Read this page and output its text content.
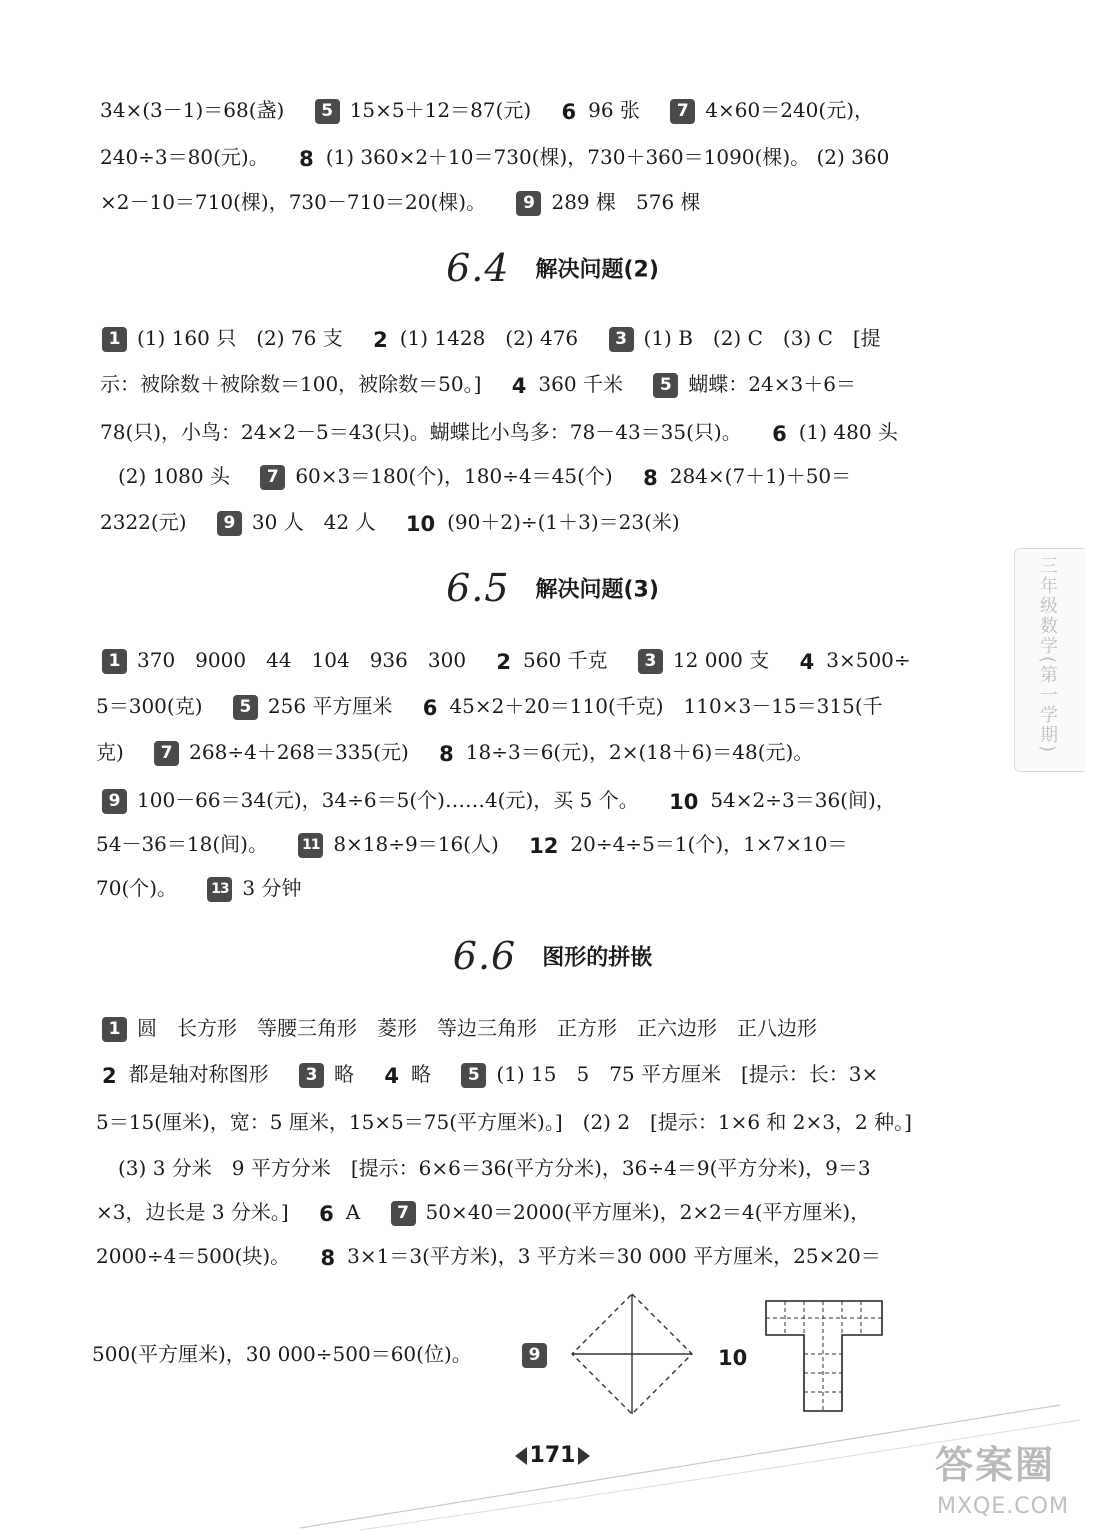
34×(3－1)＝68(盏) 5 15×5＋12＝87(元) 6 96 张 7 4×60＝240(元)，
240÷3＝80(元)。 8 (1) 360×2＋10＝730(棵)，730＋360＝1090(棵)。 (2) 360
×2－10＝710(棵)，730－710＝20(棵)。 9 289 棵　576 棵
6.4 解决问题(2)
1 (1) 160 只　(2) 76 支 2 (1) 1428　(2) 476 3 (1) B　(2) C　(3) C　[提
示：被除数＋被除数＝100，被除数＝50。] 4 360 千米 5 蝴蝶：24×3＋6＝
78(只)，小鸟：24×2－5＝43(只)。蝴蝶比小鸟多：78－43＝35(只)。 6 (1) 480 头
(2) 1080 头 7 60×3＝180(个)，180÷4＝45(个) 8 284×(7＋1)＋50＝
2322(元) 9 30 人　42 人 10 (90＋2)÷(1＋3)＝23(米)
6.5 解决问题(3)
1 370　9000　44　104　936　300 2 560 千克 3 12 000 支 4 3×500÷
5＝300(克) 5 256 平方厘米 6 45×2＋20＝110(千克)　110×3－15＝315(千
克) 7 268÷4＋268＝335(元) 8 18÷3＝6(元)，2×(18＋6)＝48(元)。
9 100－66＝34(元)，34÷6＝5(个)……4(元)，买 5 个。 10 54×2÷3＝36(间)，
54－36＝18(间)。 11 8×18÷9＝16(人) 12 20÷4÷5＝1(个)，1×7×10＝
70(个)。 13 3 分钟
6.6 图形的拼嵌
1 圆　长方形　等腰三角形　菱形　等边三角形　正方形　正六边形　正八边形
2 都是轴对称图形 3 略 4 略 5 (1) 15　5　75 平方厘米　[提示：长：3×
5＝15(厘米)，宽：5 厘米，15×5＝75(平方厘米)。]　(2) 2　[提示：1×6 和 2×3，2 种。]
(3) 3 分米　9 平方分米　[提示：6×6＝36(平方分米)，36÷4＝9(平方分米)，9＝3
×3，边长是 3 分米。] 6 A 7 50×40＝2000(平方厘米)，2×2＝4(平方厘米)，
2000÷4＝500(块)。 8 3×1＝3(平方米)，3 平方米＝30 000 平方厘米，25×20＝
500(平方厘米)，30 000÷500＝60(位)。	9	10
三年级数学(第一学期)
171	答案圈
MXQE.COM
